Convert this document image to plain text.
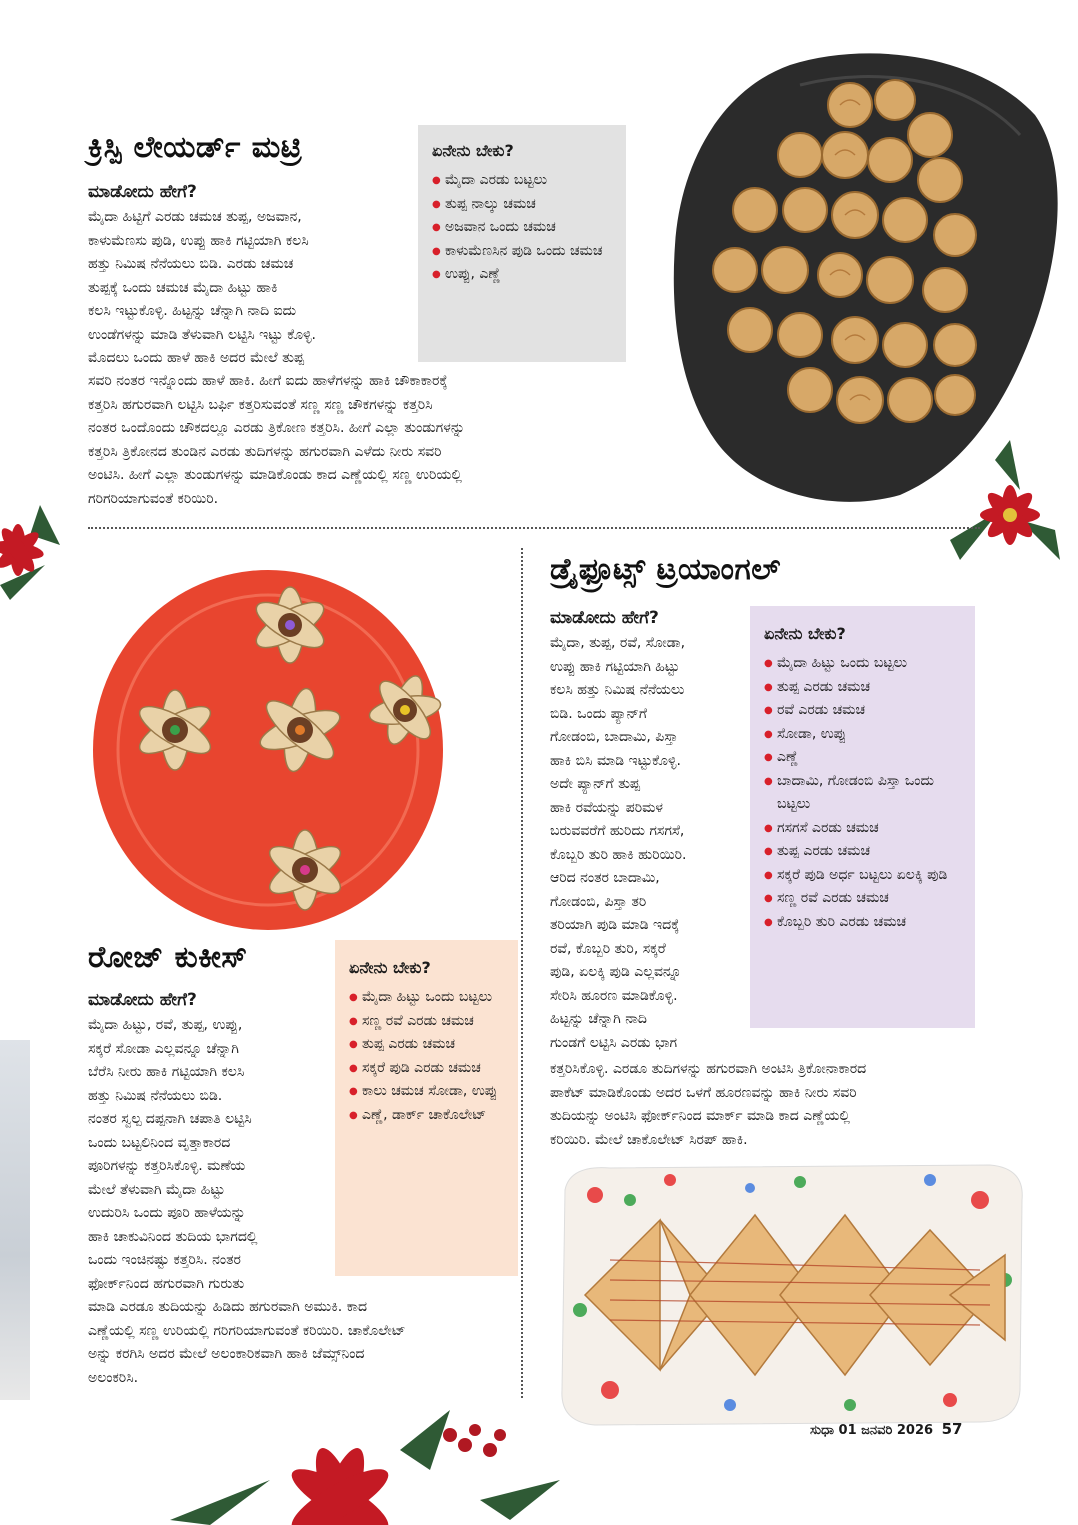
ಕ್ರಿಸ್ಪಿ ಲೇಯರ್ಡ್ ಮಟ್ರಿ
ಮಾಡೋದು ಹೇಗೆ?
ಮೈದಾ ಹಿಟ್ಟಿಗೆ ಎರಡು ಚಮಚ ತುಪ್ಪ, ಅಜವಾನ,
ಕಾಳುಮೆಣಸು ಪುಡಿ, ಉಪ್ಪು ಹಾಕಿ ಗಟ್ಟಿಯಾಗಿ ಕಲಸಿ
ಹತ್ತು ನಿಮಿಷ ನೆನೆಯಲು ಬಿಡಿ. ಎರಡು ಚಮಚ
ತುಪ್ಪಕ್ಕೆ ಒಂದು ಚಮಚ ಮೈದಾ ಹಿಟ್ಟು ಹಾಕಿ
ಕಲಸಿ ಇಟ್ಟುಕೊಳ್ಳಿ. ಹಿಟ್ಟನ್ನು ಚೆನ್ನಾಗಿ ನಾದಿ ಐದು
ಉಂಡೆಗಳನ್ನು ಮಾಡಿ ತೆಳುವಾಗಿ ಲಟ್ಟಿಸಿ ಇಟ್ಟು ಕೊಳ್ಳಿ.
ಮೊದಲು ಒಂದು ಹಾಳೆ ಹಾಕಿ ಅದರ ಮೇಲೆ ತುಪ್ಪ
ಸವರಿ ನಂತರ ಇನ್ನೊಂದು ಹಾಳೆ ಹಾಕಿ. ಹೀಗೆ ಐದು ಹಾಳೆಗಳನ್ನು ಹಾಕಿ ಚೌಕಾಕಾರಕ್ಕೆ
ಕತ್ತರಿಸಿ ಹಗುರವಾಗಿ ಲಟ್ಟಿಸಿ ಬರ್ಫಿ ಕತ್ತರಿಸುವಂತೆ ಸಣ್ಣ ಸಣ್ಣ ಚೌಕಗಳನ್ನು ಕತ್ತರಿಸಿ
ನಂತರ ಒಂದೊಂದು ಚೌಕದಲ್ಲೂ ಎರಡು ತ್ರಿಕೋಣ ಕತ್ತರಿಸಿ. ಹೀಗೆ ಎಲ್ಲಾ ತುಂಡುಗಳನ್ನು
ಕತ್ತರಿಸಿ ತ್ರಿಕೋನದ ತುಂಡಿನ ಎರಡು ತುದಿಗಳನ್ನು ಹಗುರವಾಗಿ ಎಳೆದು ನೀರು ಸವರಿ
ಅಂಟಿಸಿ. ಹೀಗೆ ಎಲ್ಲಾ ತುಂಡುಗಳನ್ನು ಮಾಡಿಕೊಂಡು ಕಾದ ಎಣ್ಣೆಯಲ್ಲಿ ಸಣ್ಣ ಉರಿಯಲ್ಲಿ
ಗರಿಗರಿಯಾಗುವಂತೆ ಕರಿಯಿರಿ.
ಏನೇನು ಬೇಕು?
● ಮೈದಾ ಎರಡು ಬಟ್ಟಲು
● ತುಪ್ಪ ನಾಲ್ಕು ಚಮಚ
● ಅಜವಾನ ಒಂದು ಚಮಚ
● ಕಾಳುಮೆಣಸಿನ ಪುಡಿ ಒಂದು ಚಮಚ
● ಉಪ್ಪು, ಎಣ್ಣೆ
ಡ್ರೈಫ್ರೂಟ್ಸ್ ಟ್ರಯಾಂಗಲ್
ಮಾಡೋದು ಹೇಗೆ?
ಮೈದಾ, ತುಪ್ಪ, ರವೆ, ಸೋಡಾ,
ಉಪ್ಪು ಹಾಕಿ ಗಟ್ಟಿಯಾಗಿ ಹಿಟ್ಟು
ಕಲಸಿ ಹತ್ತು ನಿಮಿಷ ನೆನೆಯಲು
ಬಿಡಿ. ಒಂದು ಪ್ಯಾನ್‌ಗೆ
ಗೋಡಂಬಿ, ಬಾದಾಮಿ, ಪಿಸ್ತಾ
ಹಾಕಿ ಬಿಸಿ ಮಾಡಿ ಇಟ್ಟುಕೊಳ್ಳಿ.
ಅದೇ ಪ್ಯಾನ್‌ಗೆ ತುಪ್ಪ
ಹಾಕಿ ರವೆಯನ್ನು ಪರಿಮಳ
ಬರುವವರೆಗೆ ಹುರಿದು ಗಸಗಸೆ,
ಕೊಬ್ಬರಿ ತುರಿ ಹಾಕಿ ಹುರಿಯಿರಿ.
ಆರಿದ ನಂತರ ಬಾದಾಮಿ,
ಗೋಡಂಬಿ, ಪಿಸ್ತಾ ತರಿ
ತರಿಯಾಗಿ ಪುಡಿ ಮಾಡಿ ಇದಕ್ಕೆ
ರವೆ, ಕೊಬ್ಬರಿ ತುರಿ, ಸಕ್ಕರೆ
ಪುಡಿ, ಏಲಕ್ಕಿ ಪುಡಿ ಎಲ್ಲವನ್ನೂ
ಸೇರಿಸಿ ಹೂರಣ ಮಾಡಿಕೊಳ್ಳಿ.
ಹಿಟ್ಟನ್ನು ಚೆನ್ನಾಗಿ ನಾದಿ
ಗುಂಡಗೆ ಲಟ್ಟಿಸಿ ಎರಡು ಭಾಗ
ಕತ್ತರಿಸಿಕೊಳ್ಳಿ. ಎರಡೂ ತುದಿಗಳನ್ನು ಹಗುರವಾಗಿ ಅಂಟಿಸಿ ತ್ರಿಕೋನಾಕಾರದ
ಪಾಕೆಟ್ ಮಾಡಿಕೊಂಡು ಅದರ ಒಳಗೆ ಹೂರಣವನ್ನು ಹಾಕಿ ನೀರು ಸವರಿ
ತುದಿಯನ್ನು ಅಂಟಿಸಿ ಫೋರ್ಕ್‌ನಿಂದ ಮಾರ್ಕ್ ಮಾಡಿ ಕಾದ ಎಣ್ಣೆಯಲ್ಲಿ
ಕರಿಯಿರಿ. ಮೇಲೆ ಚಾಕೊಲೇಟ್ ಸಿರಪ್ ಹಾಕಿ.
ಏನೇನು ಬೇಕು?
● ಮೈದಾ ಹಿಟ್ಟು ಒಂದು ಬಟ್ಟಲು
● ತುಪ್ಪ ಎರಡು ಚಮಚ
● ರವೆ ಎರಡು ಚಮಚ
● ಸೋಡಾ, ಉಪ್ಪು
● ಎಣ್ಣೆ
● ಬಾದಾಮಿ, ಗೋಡಂಬಿ ಪಿಸ್ತಾ ಒಂದು ಬಟ್ಟಲು
● ಗಸಗಸೆ ಎರಡು ಚಮಚ
● ತುಪ್ಪ ಎರಡು ಚಮಚ
● ಸಕ್ಕರೆ ಪುಡಿ ಅರ್ಧ ಬಟ್ಟಲು ಏಲಕ್ಕಿ ಪುಡಿ
● ಸಣ್ಣ ರವೆ ಎರಡು ಚಮಚ
● ಕೊಬ್ಬರಿ ತುರಿ ಎರಡು ಚಮಚ
ರೋಜ್ ಕುಕೀಸ್
ಮಾಡೋದು ಹೇಗೆ?
ಮೈದಾ ಹಿಟ್ಟು, ರವೆ, ತುಪ್ಪ, ಉಪ್ಪು,
ಸಕ್ಕರೆ ಸೋಡಾ ಎಲ್ಲವನ್ನೂ ಚೆನ್ನಾಗಿ
ಬೆರೆಸಿ ನೀರು ಹಾಕಿ ಗಟ್ಟಿಯಾಗಿ ಕಲಸಿ
ಹತ್ತು ನಿಮಿಷ ನೆನೆಯಲು ಬಿಡಿ.
ನಂತರ ಸ್ವಲ್ಪ ದಪ್ಪನಾಗಿ ಚಪಾತಿ ಲಟ್ಟಿಸಿ
ಒಂದು ಬಟ್ಟಲಿನಿಂದ ವೃತ್ತಾಕಾರದ
ಪೂರಿಗಳನ್ನು ಕತ್ತರಿಸಿಕೊಳ್ಳಿ. ಮಣೆಯ
ಮೇಲೆ ತೆಳುವಾಗಿ ಮೈದಾ ಹಿಟ್ಟು
ಉದುರಿಸಿ ಒಂದು ಪೂರಿ ಹಾಳೆಯನ್ನು
ಹಾಕಿ ಚಾಕುವಿನಿಂದ ತುದಿಯ ಭಾಗದಲ್ಲಿ
ಒಂದು ಇಂಚಿನಷ್ಟು ಕತ್ತರಿಸಿ. ನಂತರ
ಫೋರ್ಕ್‌ನಿಂದ ಹಗುರವಾಗಿ ಗುರುತು
ಮಾಡಿ ಎರಡೂ ತುದಿಯನ್ನು ಹಿಡಿದು ಹಗುರವಾಗಿ ಅಮುಕಿ. ಕಾದ
ಎಣ್ಣೆಯಲ್ಲಿ ಸಣ್ಣ ಉರಿಯಲ್ಲಿ ಗರಿಗರಿಯಾಗುವಂತೆ ಕರಿಯಿರಿ. ಚಾಕೊಲೇಟ್
ಅನ್ನು ಕರಗಿಸಿ ಅದರ ಮೇಲೆ ಅಲಂಕಾರಿಕವಾಗಿ ಹಾಕಿ ಜೆಮ್ಸ್‌ನಿಂದ
ಅಲಂಕರಿಸಿ.
ಏನೇನು ಬೇಕು?
● ಮೈದಾ ಹಿಟ್ಟು ಒಂದು ಬಟ್ಟಲು
● ಸಣ್ಣ ರವೆ ಎರಡು ಚಮಚ
● ತುಪ್ಪ ಎರಡು ಚಮಚ
● ಸಕ್ಕರೆ ಪುಡಿ ಎರಡು ಚಮಚ
● ಕಾಲು ಚಮಚ ಸೋಡಾ, ಉಪ್ಪು
● ಎಣ್ಣೆ, ಡಾರ್ಕ್ ಚಾಕೊಲೇಟ್
ಸುಧಾ 01 ಜನವರಿ 2026 57
